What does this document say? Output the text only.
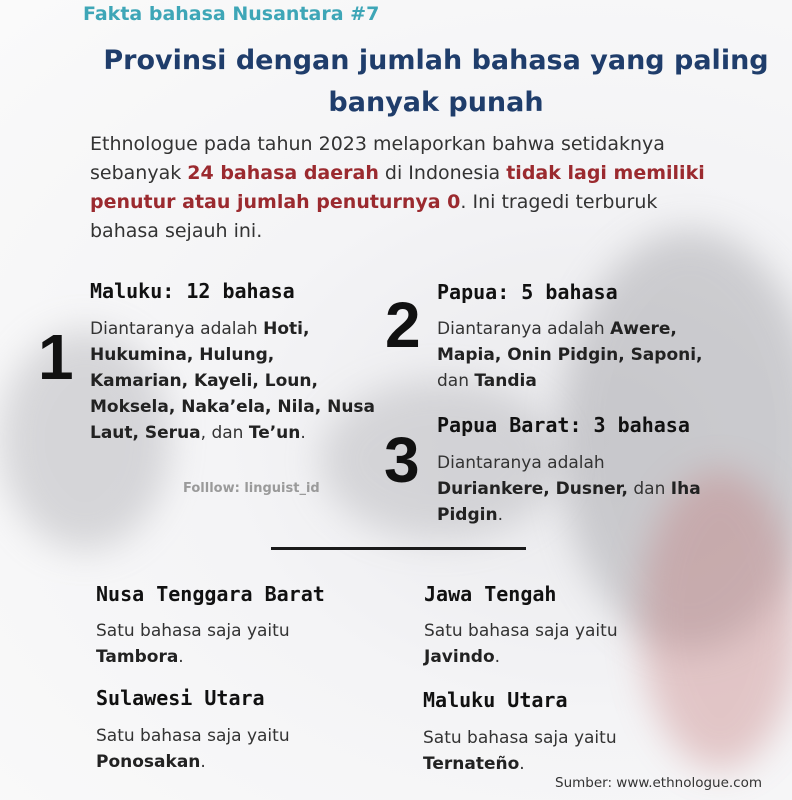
Fakta bahasa Nusantara #7
Provinsi dengan jumlah bahasa yang paling
banyak punah
Ethnologue pada tahun 2023 melaporkan bahwa setidaknya sebanyak 24 bahasa daerah di Indonesia tidak lagi memiliki penutur atau jumlah penuturnya 0. Ini tragedi terburuk bahasa sejauh ini.
1
Maluku: 12 bahasa
Diantaranya adalah Hoti, Hukumina, Hulung, Kamarian, Kayeli, Loun, Moksela, Naka’ela, Nila, Nusa Laut, Serua, dan Te’un.
2 Papua: 5 bahasa
Diantaranya adalah Awere, Mapia, Onin Pidgin, Saponi, dan Tandia
3 Papua Barat: 3 bahasa
Diantaranya adalah Duriankere, Dusner, dan Iha Pidgin.
Folllow: linguist_id
Nusa Tenggara Barat
Satu bahasa saja yaitu
Tambora.
Jawa Tengah
Satu bahasa saja yaitu
Javindo.
Sulawesi Utara
Satu bahasa saja yaitu
Ponosakan.
Maluku Utara
Satu bahasa saja yaitu
Ternateño.
Sumber: www.ethnologue.com
